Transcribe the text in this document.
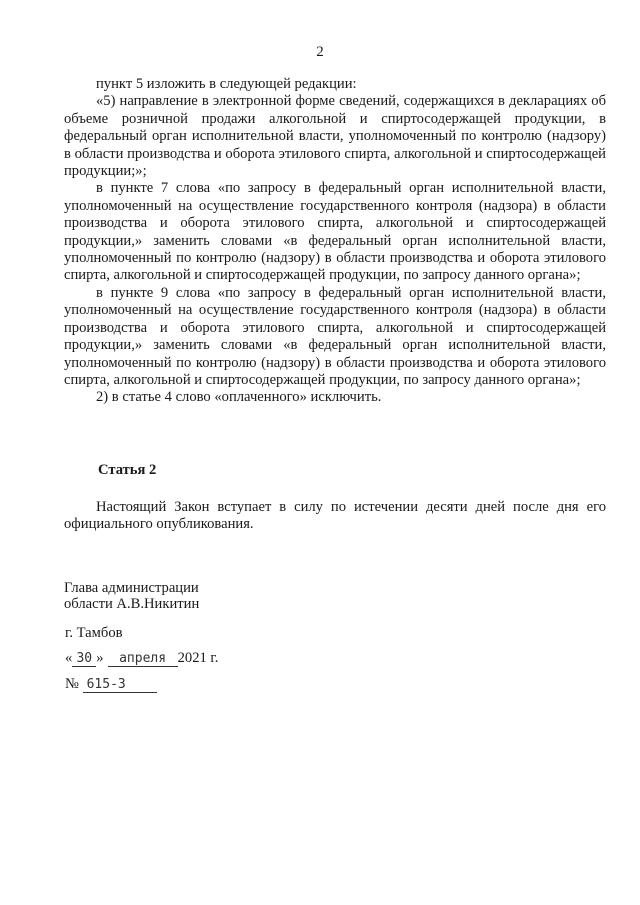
2

пункт 5 изложить в следующей редакции:

«5) направление в электронной форме сведений, содержащихся в декларациях об объеме розничной продажи алкогольной и спиртосодержащей продукции, в федеральный орган исполнительной власти, уполномоченный по контролю (надзору) в области производства и оборота этилового спирта, алкогольной и спиртосодержащей продукции;»;

в пункте 7 слова «по запросу в федеральный орган исполнительной власти, уполномоченный на осуществление государственного контроля (надзора) в области производства и оборота этилового спирта, алкогольной и спиртосодержащей продукции,» заменить словами «в федеральный орган исполнительной власти, уполномоченный по контролю (надзору) в области производства и оборота этилового спирта, алкогольной и спиртосодержащей продукции, по запросу данного органа»;

в пункте 9 слова «по запросу в федеральный орган исполнительной власти, уполномоченный на осуществление государственного контроля (надзора) в области производства и оборота этилового спирта, алкогольной и спиртосодержащей продукции,» заменить словами «в федеральный орган исполнительной власти, уполномоченный по контролю (надзору) в области производства и оборота этилового спирта, алкогольной и спиртосодержащей продукции, по запросу данного органа»;

2) в статье 4 слово «оплаченного» исключить.

Статья 2

Настоящий Закон вступает в силу по истечении десяти дней после дня его официального опубликования.

Глава администрации
области А.В.Никитин
г. Тамбов
« 30 » апреля 2021 г.
№ 615-З
